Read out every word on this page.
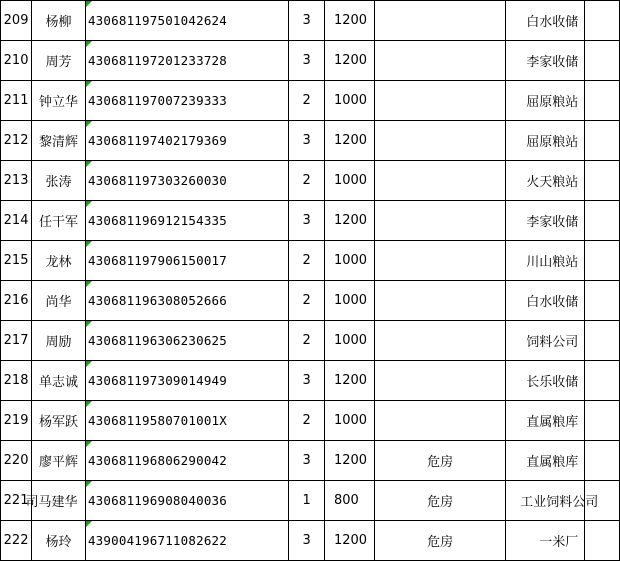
209	杨柳	430681197501042624	3	1200		白水收储	
210	周芳	430681197201233728	3	1200		李家收储	
211	钟立华	430681197007239333	2	1000		屈原粮站	
212	黎清辉	430681197402179369	3	1200		屈原粮站	
213	张涛	430681197303260030	2	1000		火天粮站	
214	任干军	430681196912154335	3	1200		李家收储	
215	龙林	430681197906150017	2	1000		川山粮站	
216	尚华	430681196308052666	2	1000		白水收储	
217	周励	430681196306230625	2	1000		饲料公司	
218	单志诚	430681197309014949	3	1200		长乐收储	
219	杨军跃	43068119580701001X	2	1000		直属粮库	
220	廖平辉	430681196806290042	3	1200	危房	直属粮库	
221	司马建华	430681196908040036	1	800	危房	工业饲料公司	
222	杨玲	439004196711082622	3	1200	危房	一米厂	
